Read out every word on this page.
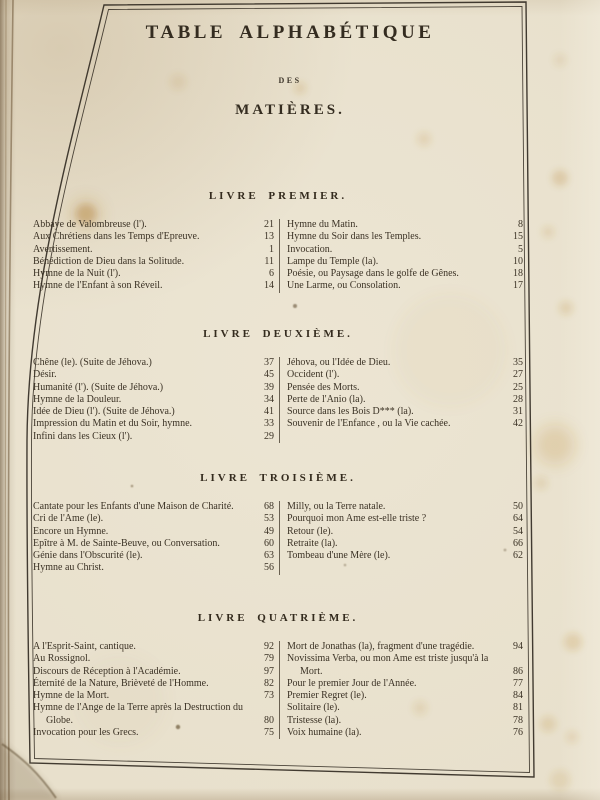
TABLE ALPHABÉTIQUE
DES
MATIÈRES.
LIVRE PREMIER.
Abbaye de Valombreuse (l').	21
Aux Chrétiens dans les Temps d'Epreuve.	13
Avertissement.	1
Bénédiction de Dieu dans la Solitude.	11
Hymne de la Nuit (l').	6
Hymne de l'Enfant à son Réveil.	14
Hymne du Matin.	8
Hymne du Soir dans les Temples.	15
Invocation.	5
Lampe du Temple (la).	10
Poésie, ou Paysage dans le golfe de Gênes.	18
Une Larme, ou Consolation.	17
LIVRE DEUXIÈME.
Chêne (le). (Suite de Jéhova.)	37
Désir.	45
Humanité (l'). (Suite de Jéhova.)	39
Hymne de la Douleur.	34
Idée de Dieu (l'). (Suite de Jéhova.)	41
Impression du Matin et du Soir, hymne.	33
Infini dans les Cieux (l').	29
Jéhova, ou l'Idée de Dieu.	35
Occident (l').	27
Pensée des Morts.	25
Perte de l'Anio (la).	28
Source dans les Bois D*** (la).	31
Souvenir de l'Enfance , ou la Vie cachée.	42
LIVRE TROISIÈME.
Cantate pour les Enfants d'une Maison de Charité.	68
Cri de l'Ame (le).	53
Encore un Hymne.	49
Epître à M. de Sainte-Beuve, ou Conversation.	60
Génie dans l'Obscurité (le).	63
Hymne au Christ.	56
Milly, ou la Terre natale.	50
Pourquoi mon Ame est-elle triste ?	64
Retour (le).	54
Retraite (la).	66
Tombeau d'une Mère (le).	62
LIVRE QUATRIÈME.
A l'Esprit-Saint, cantique.	92
Au Rossignol.	79
Discours de Réception à l'Académie.	97
Éternité de la Nature, Brièveté de l'Homme.	82
Hymne de la Mort.	73
Hymne de l'Ange de la Terre après la Destruction du Globe.	80
Invocation pour les Grecs.	75
Mort de Jonathas (la), fragment d'une tragédie.	94
Novissima Verba, ou mon Ame est triste jusqu'à la Mort.	86
Pour le premier Jour de l'Année.	77
Premier Regret (le).	84
Solitaire (le).	81
Tristesse (la).	78
Voix humaine (la).	76
